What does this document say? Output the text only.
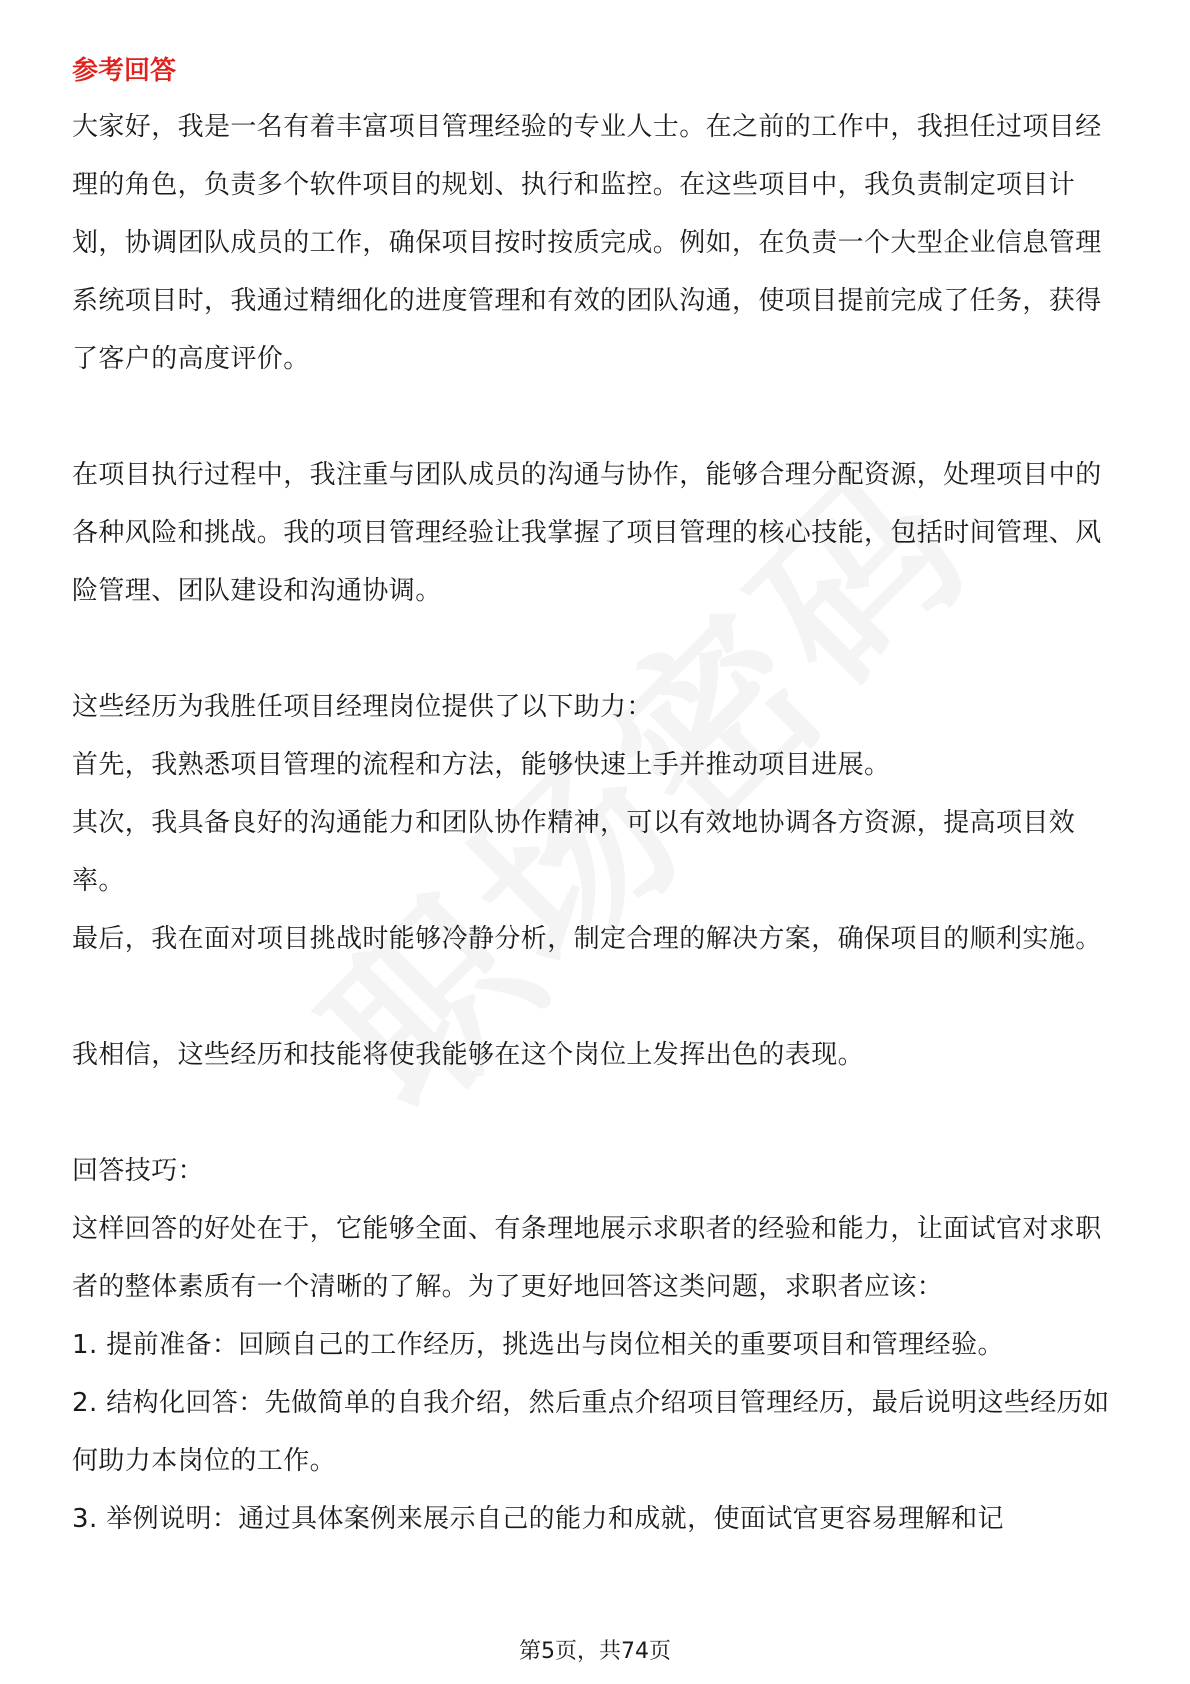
参考回答

大家好，我是一名有着丰富项目管理经验的专业人士。在之前的工作中，我担任过项目经理的角色，负责多个软件项目的规划、执行和监控。在这些项目中，我负责制定项目计划，协调团队成员的工作，确保项目按时按质完成。例如，在负责一个大型企业信息管理系统项目时，我通过精细化的进度管理和有效的团队沟通，使项目提前完成了任务，获得了客户的高度评价。

在项目执行过程中，我注重与团队成员的沟通与协作，能够合理分配资源，处理项目中的各种风险和挑战。我的项目管理经验让我掌握了项目管理的核心技能，包括时间管理、风险管理、团队建设和沟通协调。

这些经历为我胜任项目经理岗位提供了以下助力：

首先，我熟悉项目管理的流程和方法，能够快速上手并推动项目进展。

其次，我具备良好的沟通能力和团队协作精神，可以有效地协调各方资源，提高项目效率。

最后，我在面对项目挑战时能够冷静分析，制定合理的解决方案，确保项目的顺利实施。

我相信，这些经历和技能将使我能够在这个岗位上发挥出色的表现。

回答技巧：

这样回答的好处在于，它能够全面、有条理地展示求职者的经验和能力，让面试官对求职者的整体素质有一个清晰的了解。为了更好地回答这类问题，求职者应该：

1. 提前准备：回顾自己的工作经历，挑选出与岗位相关的重要项目和管理经验。

2. 结构化回答：先做简单的自我介绍，然后重点介绍项目管理经历，最后说明这些经历如何助力本岗位的工作。

3. 举例说明：通过具体案例来展示自己的能力和成就，使面试官更容易理解和记

第5页，共74页
